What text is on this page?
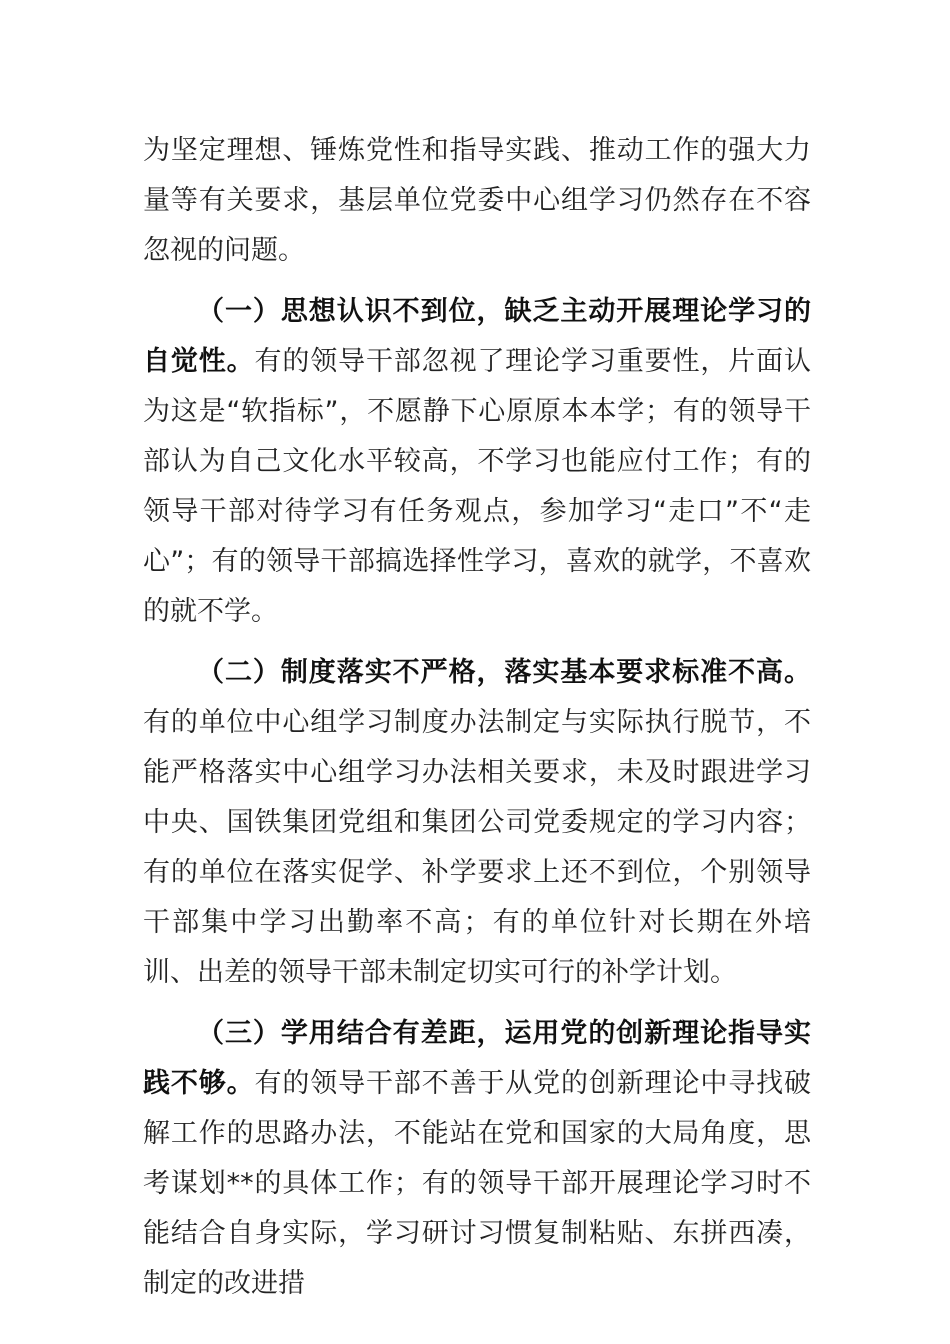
为坚定理想、锤炼党性和指导实践、推动工作的强大力量等有关要求，基层单位党委中心组学习仍然存在不容忽视的问题。

（一）思想认识不到位，缺乏主动开展理论学习的自觉性。有的领导干部忽视了理论学习重要性，片面认为这是“软指标”，不愿静下心原原本本学；有的领导干部认为自己文化水平较高，不学习也能应付工作；有的领导干部对待学习有任务观点，参加学习“走口”不“走心”；有的领导干部搞选择性学习，喜欢的就学，不喜欢的就不学。

（二）制度落实不严格，落实基本要求标准不高。有的单位中心组学习制度办法制定与实际执行脱节，不能严格落实中心组学习办法相关要求，未及时跟进学习中央、国铁集团党组和集团公司党委规定的学习内容；有的单位在落实促学、补学要求上还不到位，个别领导干部集中学习出勤率不高；有的单位针对长期在外培训、出差的领导干部未制定切实可行的补学计划。

（三）学用结合有差距，运用党的创新理论指导实践不够。有的领导干部不善于从党的创新理论中寻找破解工作的思路办法，不能站在党和国家的大局角度，思考谋划**的具体工作；有的领导干部开展理论学习时不能结合自身实际，学习研讨习惯复制粘贴、东拼西凑，制定的改进措
